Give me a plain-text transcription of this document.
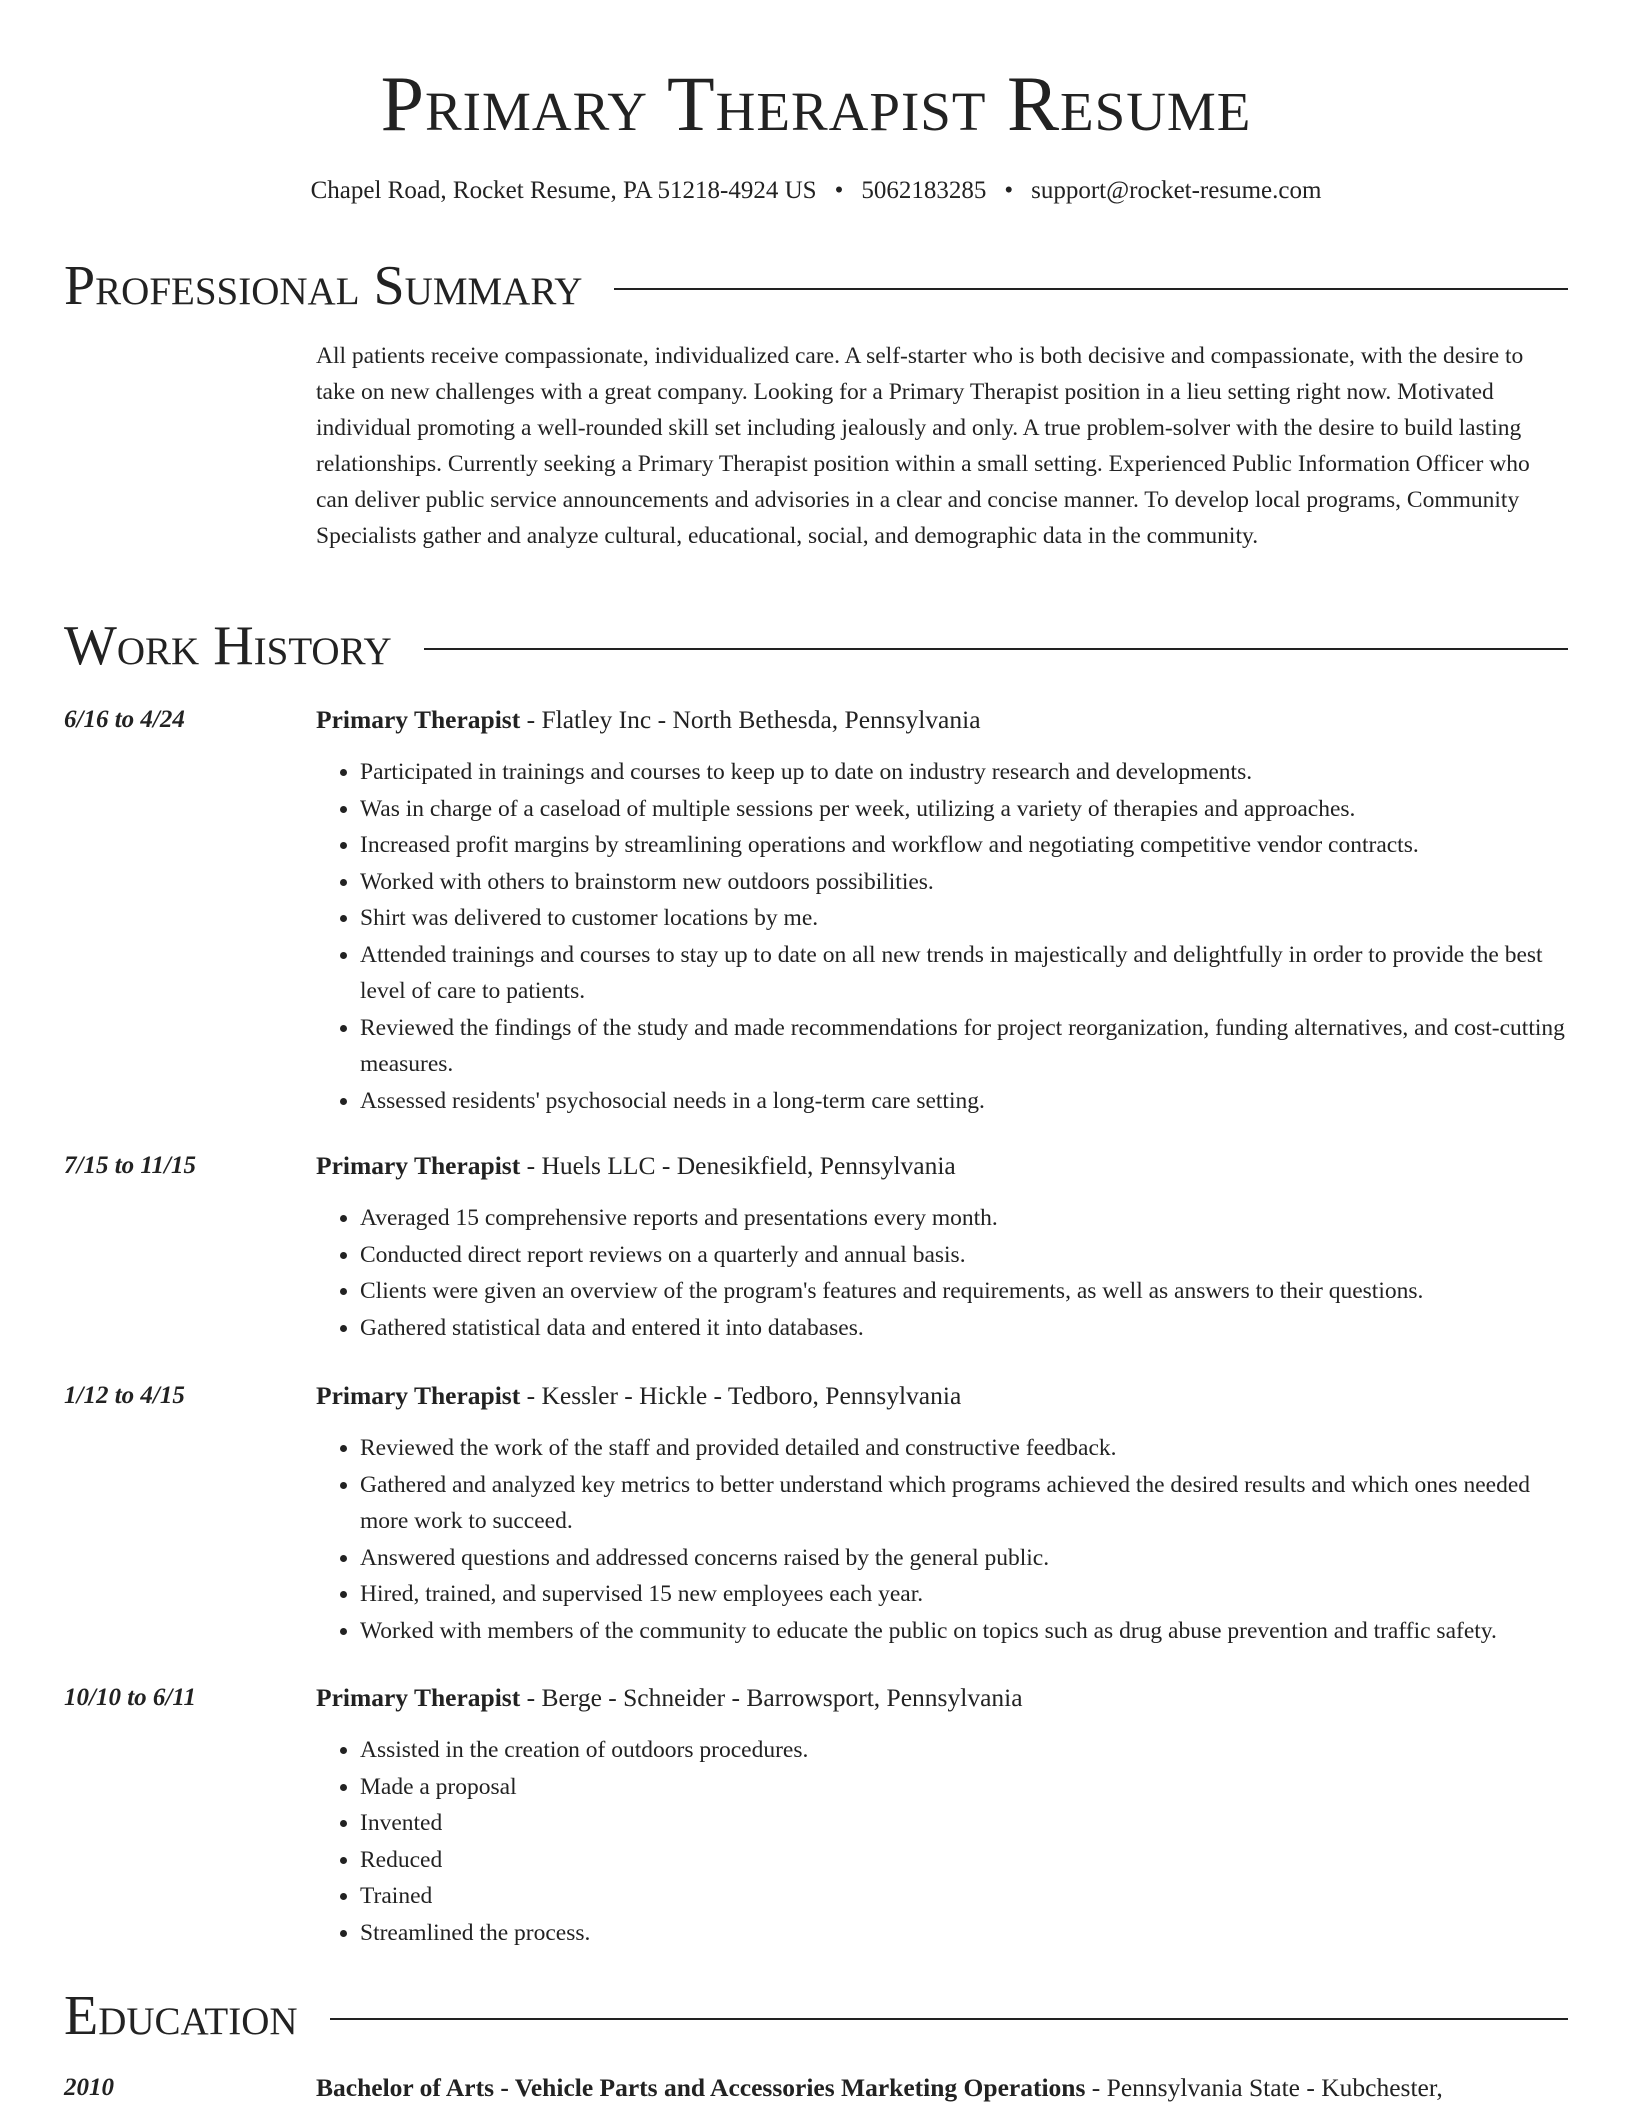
Primary Therapist Resume
Chapel Road, Rocket Resume, PA 51218-4924 US • 5062183285 • support@rocket-resume.com
Professional Summary

All patients receive compassionate, individualized care. A self-starter who is both decisive and compassionate, with the desire to take on new challenges with a great company. Looking for a Primary Therapist position in a lieu setting right now. Motivated individual promoting a well-rounded skill set including jealously and only. A true problem-solver with the desire to build lasting relationships. Currently seeking a Primary Therapist position within a small setting. Experienced Public Information Officer who can deliver public service announcements and advisories in a clear and concise manner. To develop local programs, Community Specialists gather and analyze cultural, educational, social, and demographic data in the community.

Work History
6/16 to 4/24	Primary Therapist - Flatley Inc - North Bethesda, Pennsylvania
• Participated in trainings and courses to keep up to date on industry research and developments.
• Was in charge of a caseload of multiple sessions per week, utilizing a variety of therapies and approaches.
• Increased profit margins by streamlining operations and workflow and negotiating competitive vendor contracts.
• Worked with others to brainstorm new outdoors possibilities.
• Shirt was delivered to customer locations by me.
• Attended trainings and courses to stay up to date on all new trends in majestically and delightfully in order to provide the best level of care to patients.
• Reviewed the findings of the study and made recommendations for project reorganization, funding alternatives, and cost-cutting measures.
• Assessed residents' psychosocial needs in a long-term care setting.
7/15 to 11/15	Primary Therapist - Huels LLC - Denesikfield, Pennsylvania
• Averaged 15 comprehensive reports and presentations every month.
• Conducted direct report reviews on a quarterly and annual basis.
• Clients were given an overview of the program's features and requirements, as well as answers to their questions.
• Gathered statistical data and entered it into databases.
1/12 to 4/15	Primary Therapist - Kessler - Hickle - Tedboro, Pennsylvania
• Reviewed the work of the staff and provided detailed and constructive feedback.
• Gathered and analyzed key metrics to better understand which programs achieved the desired results and which ones needed more work to succeed.
• Answered questions and addressed concerns raised by the general public.
• Hired, trained, and supervised 15 new employees each year.
• Worked with members of the community to educate the public on topics such as drug abuse prevention and traffic safety.
10/10 to 6/11	Primary Therapist - Berge - Schneider - Barrowsport, Pennsylvania
• Assisted in the creation of outdoors procedures.
• Made a proposal
• Invented
• Reduced
• Trained
• Streamlined the process.
Education
2010	Bachelor of Arts - Vehicle Parts and Accessories Marketing Operations - Pennsylvania State - Kubchester,
